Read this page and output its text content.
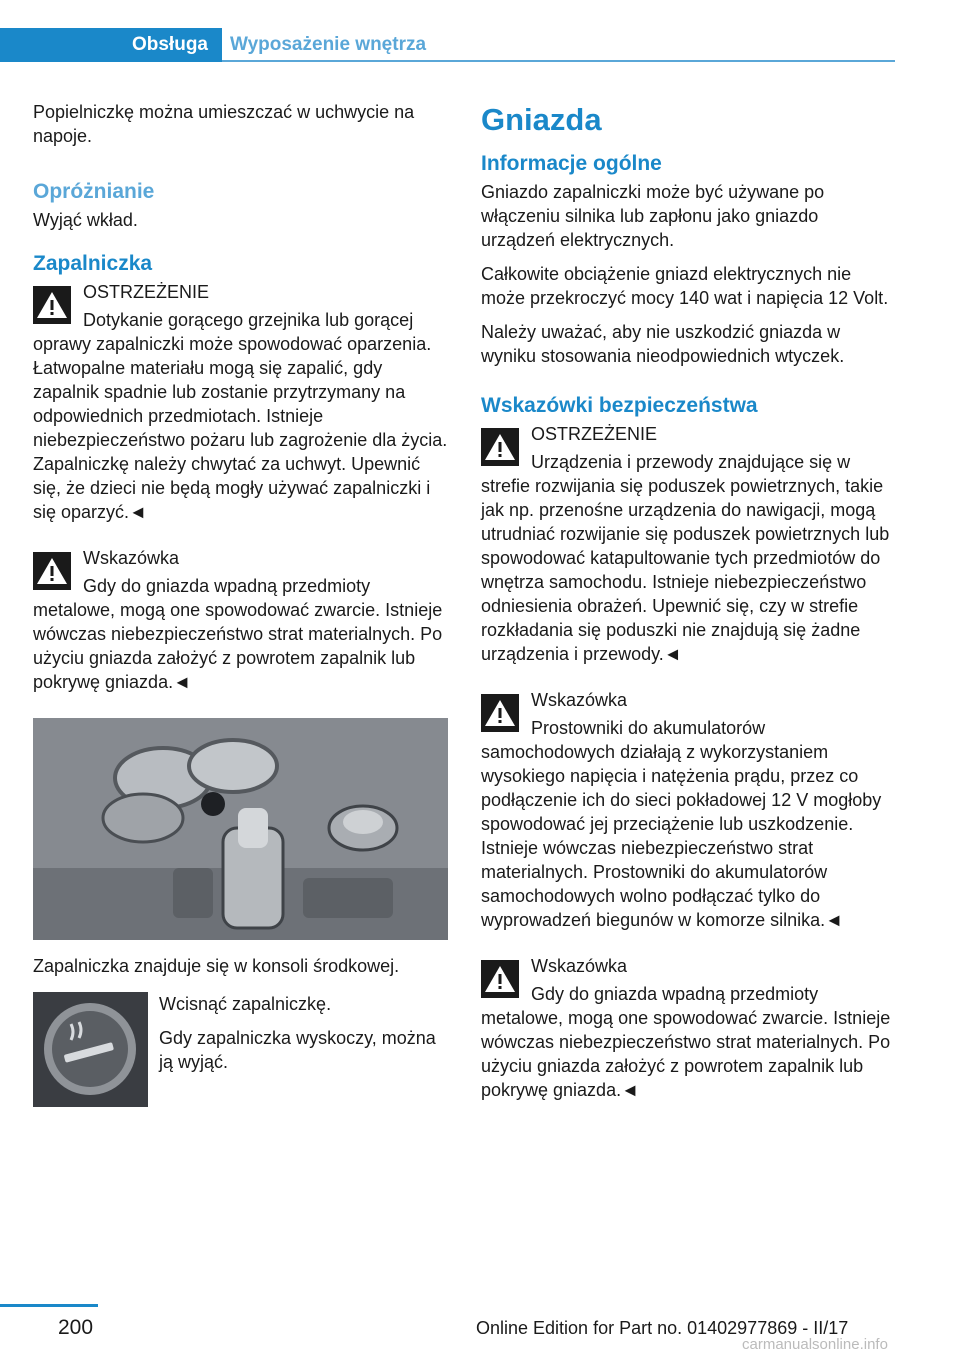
Obsługa	Wyposażenie wnętrza

Popielniczkę można umieszczać w uchwycie na napoje.

Opróżnianie

Wyjąć wkład.

Zapalniczka

OSTRZEŻENIE

Dotykanie gorącego grzejnika lub gorącej oprawy zapalniczki może spowodować oparzenia. Łatwopalne materiału mogą się zapalić, gdy zapalnik spadnie lub zostanie przytrzymany na odpowiednich przedmiotach. Istnieje niebezpieczeństwo pożaru lub zagrożenie dla życia. Zapalniczkę należy chwytać za uchwyt. Upewnić się, że dzieci nie będą mogły używać zapalniczki i się oparzyć.◄

Wskazówka

Gdy do gniazda wpadną przedmioty metalowe, mogą one spowodować zwarcie. Istnieje wówczas niebezpieczeństwo strat materialnych. Po użyciu gniazda założyć z powrotem zapalnik lub pokrywę gniazda.◄

Zapalniczka znajduje się w konsoli środkowej.

Wcisnąć zapalniczkę.

Gdy zapalniczka wyskoczy, można ją wyjąć.

Gniazda
Informacje ogólne

Gniazdo zapalniczki może być używane po włączeniu silnika lub zapłonu jako gniazdo urządzeń elektrycznych.

Całkowite obciążenie gniazd elektrycznych nie może przekroczyć mocy 140 wat i napięcia 12 Volt.

Należy uważać, aby nie uszkodzić gniazda w wyniku stosowania nieodpowiednich wtyczek.

Wskazówki bezpieczeństwa

OSTRZEŻENIE

Urządzenia i przewody znajdujące się w strefie rozwijania się poduszek powietrznych, takie jak np. przenośne urządzenia do nawigacji, mogą utrudniać rozwijanie się poduszek powietrznych lub spowodować katapultowanie tych przedmiotów do wnętrza samochodu. Istnieje niebezpieczeństwo odniesienia obrażeń. Upewnić się, czy w strefie rozkładania się poduszki nie znajdują się żadne urządzenia i przewody.◄

Wskazówka

Prostowniki do akumulatorów samochodowych działają z wykorzystaniem wysokiego napięcia i natężenia prądu, przez co podłączenie ich do sieci pokładowej 12 V mogłoby spowodować jej przeciążenie lub uszkodzenie. Istnieje wówczas niebezpieczeństwo strat materialnych. Prostowniki do akumulatorów samochodowych wolno podłączać tylko do wyprowadzeń biegunów w komorze silnika.◄

Wskazówka

Gdy do gniazda wpadną przedmioty metalowe, mogą one spowodować zwarcie. Istnieje wówczas niebezpieczeństwo strat materialnych. Po użyciu gniazda założyć z powrotem zapalnik lub pokrywę gniazda.◄

200	Online Edition for Part no. 01402977869 - II/17
carmanualsonline.info
